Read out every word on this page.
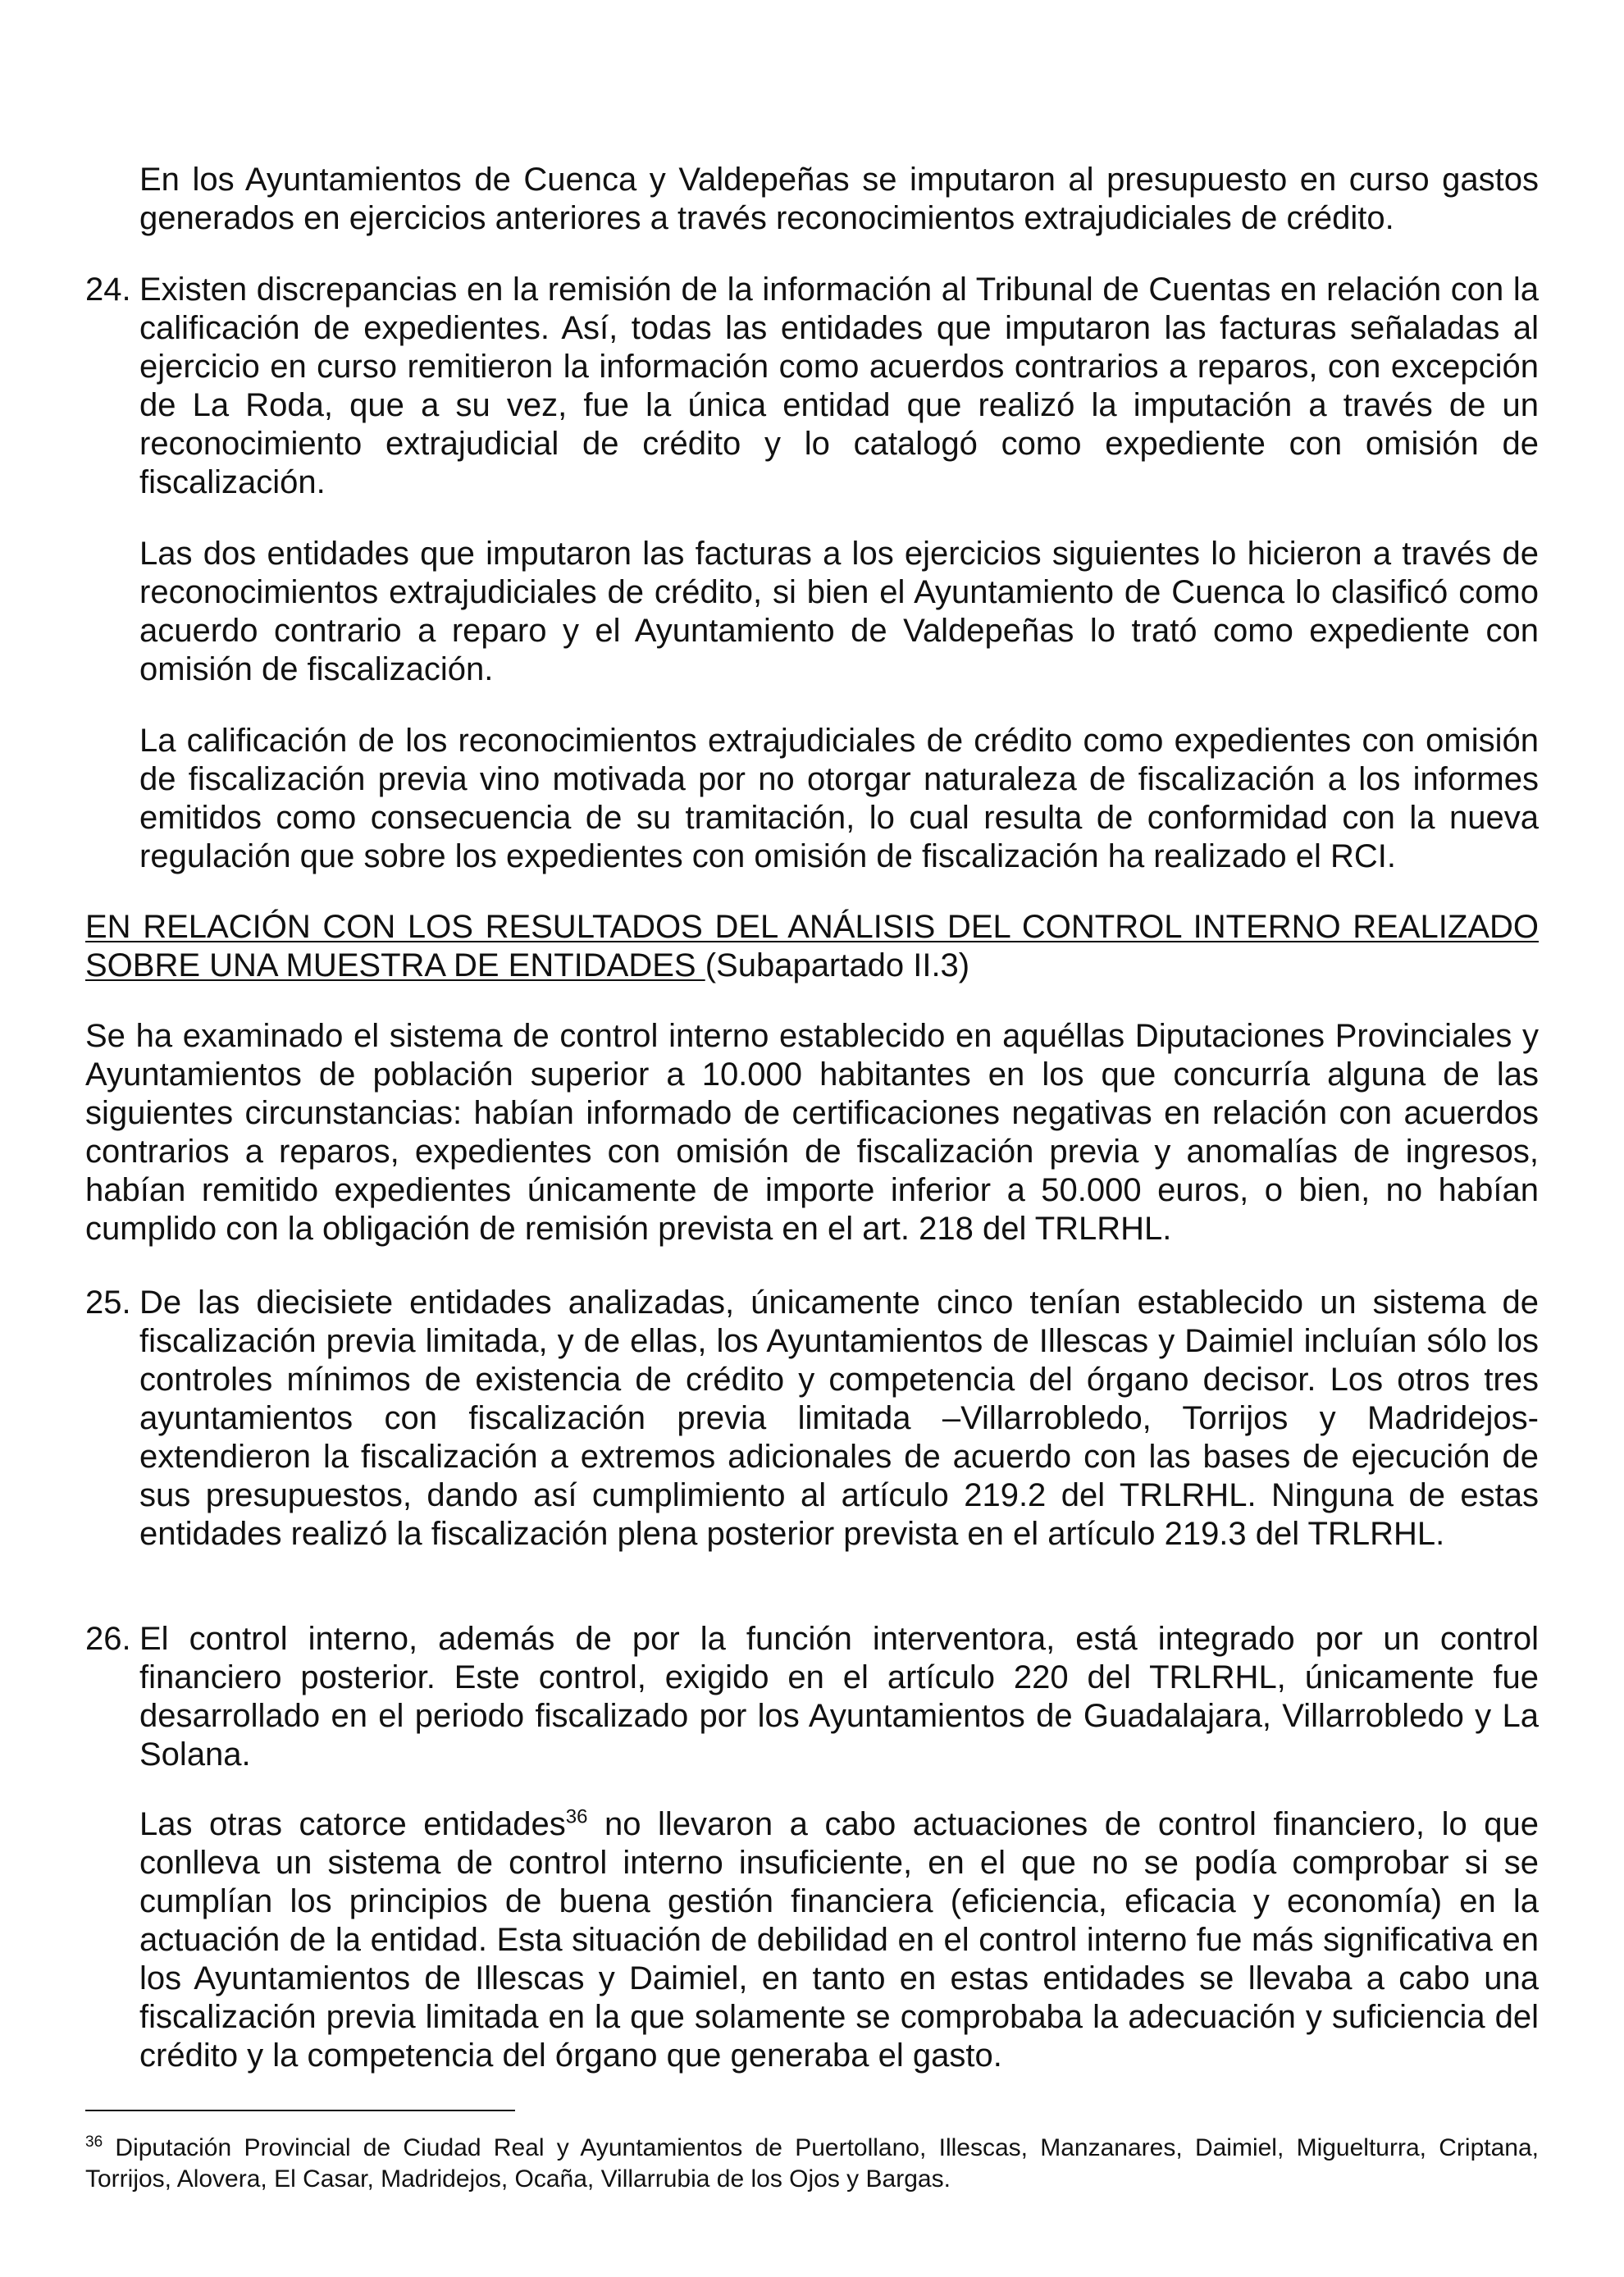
En los Ayuntamientos de Cuenca y Valdepeñas se imputaron al presupuesto en curso gastos generados en ejercicios anteriores a través reconocimientos extrajudiciales de crédito.

24. Existen discrepancias en la remisión de la información al Tribunal de Cuentas en relación con la calificación de expedientes. Así, todas las entidades que imputaron las facturas señaladas al ejercicio en curso remitieron la información como acuerdos contrarios a reparos, con excepción de La Roda, que a su vez, fue la única entidad que realizó la imputación a través de un reconocimiento extrajudicial de crédito y lo catalogó como expediente con omisión de fiscalización.

Las dos entidades que imputaron las facturas a los ejercicios siguientes lo hicieron a través de reconocimientos extrajudiciales de crédito, si bien el Ayuntamiento de Cuenca lo clasificó como acuerdo contrario a reparo y el Ayuntamiento de Valdepeñas lo trató como expediente con omisión de fiscalización.

La calificación de los reconocimientos extrajudiciales de crédito como expedientes con omisión de fiscalización previa vino motivada por no otorgar naturaleza de fiscalización a los informes emitidos como consecuencia de su tramitación, lo cual resulta de conformidad con la nueva regulación que sobre los expedientes con omisión de fiscalización ha realizado el RCI.

EN RELACIÓN CON LOS RESULTADOS DEL ANÁLISIS DEL CONTROL INTERNO REALIZADO SOBRE UNA MUESTRA DE ENTIDADES (Subapartado II.3)

Se ha examinado el sistema de control interno establecido en aquéllas Diputaciones Provinciales y Ayuntamientos de población superior a 10.000 habitantes en los que concurría alguna de las siguientes circunstancias: habían informado de certificaciones negativas en relación con acuerdos contrarios a reparos, expedientes con omisión de fiscalización previa y anomalías de ingresos, habían remitido expedientes únicamente de importe inferior a 50.000 euros, o bien, no habían cumplido con la obligación de remisión prevista en el art. 218 del TRLRHL.

25. De las diecisiete entidades analizadas, únicamente cinco tenían establecido un sistema de fiscalización previa limitada, y de ellas, los Ayuntamientos de Illescas y Daimiel incluían sólo los controles mínimos de existencia de crédito y competencia del órgano decisor. Los otros tres ayuntamientos con fiscalización previa limitada –Villarrobledo, Torrijos y Madridejos- extendieron la fiscalización a extremos adicionales de acuerdo con las bases de ejecución de sus presupuestos, dando así cumplimiento al artículo 219.2 del TRLRHL. Ninguna de estas entidades realizó la fiscalización plena posterior prevista en el artículo 219.3 del TRLRHL.

26. El control interno, además de por la función interventora, está integrado por un control financiero posterior. Este control, exigido en el artículo 220 del TRLRHL, únicamente fue desarrollado en el periodo fiscalizado por los Ayuntamientos de Guadalajara, Villarrobledo y La Solana.

Las otras catorce entidades$^{36}$ no llevaron a cabo actuaciones de control financiero, lo que conlleva un sistema de control interno insuficiente, en el que no se podía comprobar si se cumplían los principios de buena gestión financiera (eficiencia, eficacia y economía) en la actuación de la entidad. Esta situación de debilidad en el control interno fue más significativa en los Ayuntamientos de Illescas y Daimiel, en tanto en estas entidades se llevaba a cabo una fiscalización previa limitada en la que solamente se comprobaba la adecuación y suficiencia del crédito y la competencia del órgano que generaba el gasto.

$^{36}$ Diputación Provincial de Ciudad Real y Ayuntamientos de Puertollano, Illescas, Manzanares, Daimiel, Miguelturra, Criptana, Torrijos, Alovera, El Casar, Madridejos, Ocaña, Villarrubia de los Ojos y Bargas.
